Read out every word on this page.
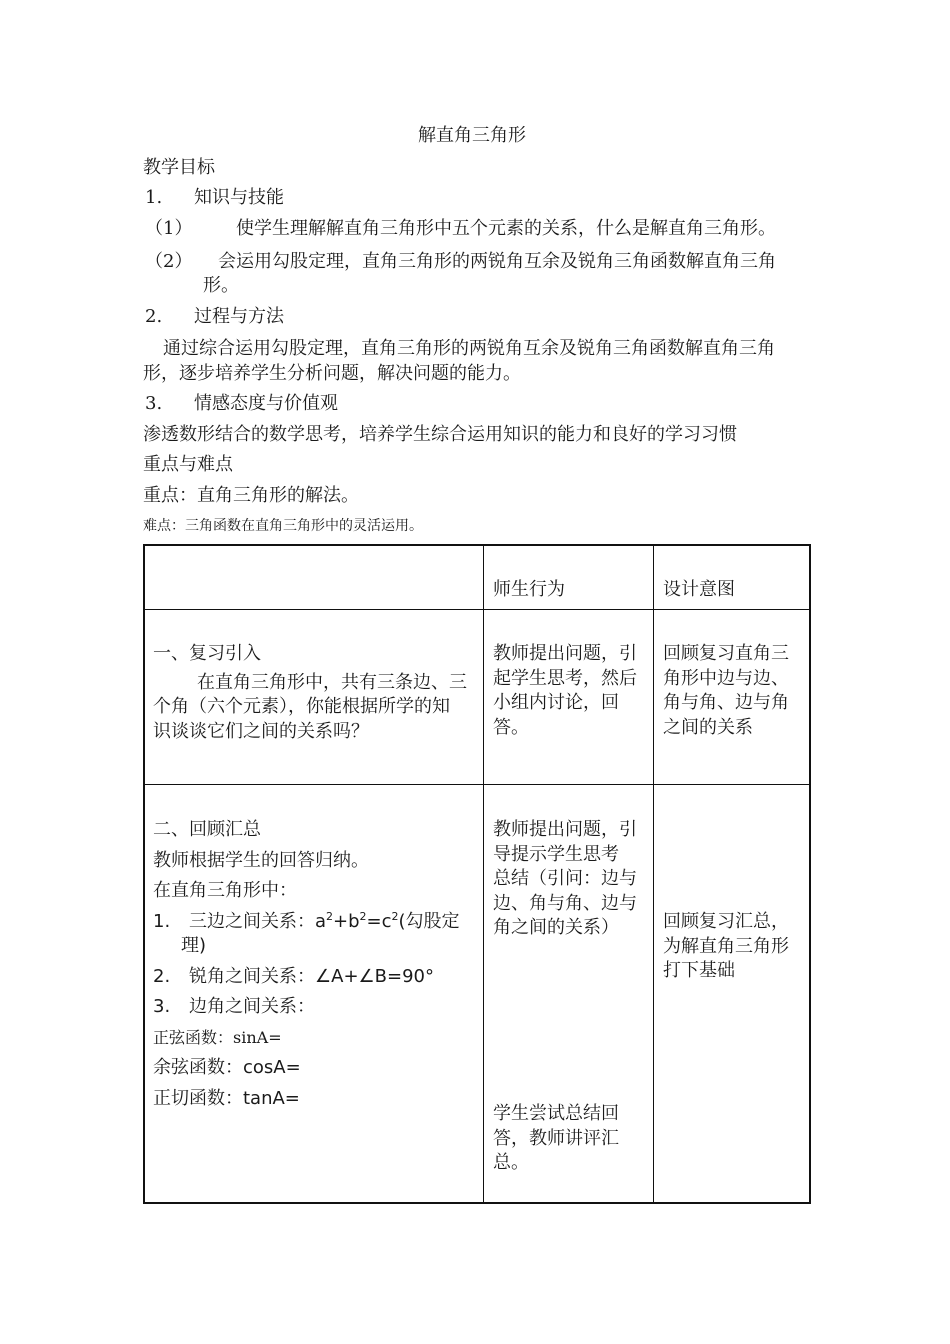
解直角三角形
教学目标
1. 知识与技能
（1） 使学生理解解直角三角形中五个元素的关系，什么是解直角三角形。
（2） 会运用勾股定理，直角三角形的两锐角互余及锐角三角函数解直角三角
形。
2. 过程与方法
通过综合运用勾股定理，直角三角形的两锐角互余及锐角三角函数解直角三角
形，逐步培养学生分析问题，解决问题的能力。
3. 情感态度与价值观
渗透数形结合的数学思考，培养学生综合运用知识的能力和良好的学习习惯
重点与难点
重点：直角三角形的解法。
难点：三角函数在直角三角形中的灵活运用。
师生行为	设计意图

一、复习引入

在直角三角形中，共有三条边、三

个角（六个元素），你能根据所学的知

识谈谈它们之间的关系吗？

教师提出问题，引

起学生思考，然后

小组内讨论，回

答。

回顾复习直角三

角形中边与边、

角与角、边与角

之间的关系

二、回顾汇总

教师根据学生的回答归纳。

在直角三角形中：

1. 三边之间关系：$a^2+b^2=c^2$(勾股定

理)

2. 锐角之间关系：∠A+∠B=90°

3. 边角之间关系：

正弦函数：sinA=

余弦函数：cosA=

正切函数：tanA=

教师提出问题，引

导提示学生思考

总结（引问：边与

边、角与角、边与

角之间的关系）

学生尝试总结回

答，教师讲评汇

总。

回顾复习汇总，

为解直角三角形

打下基础
